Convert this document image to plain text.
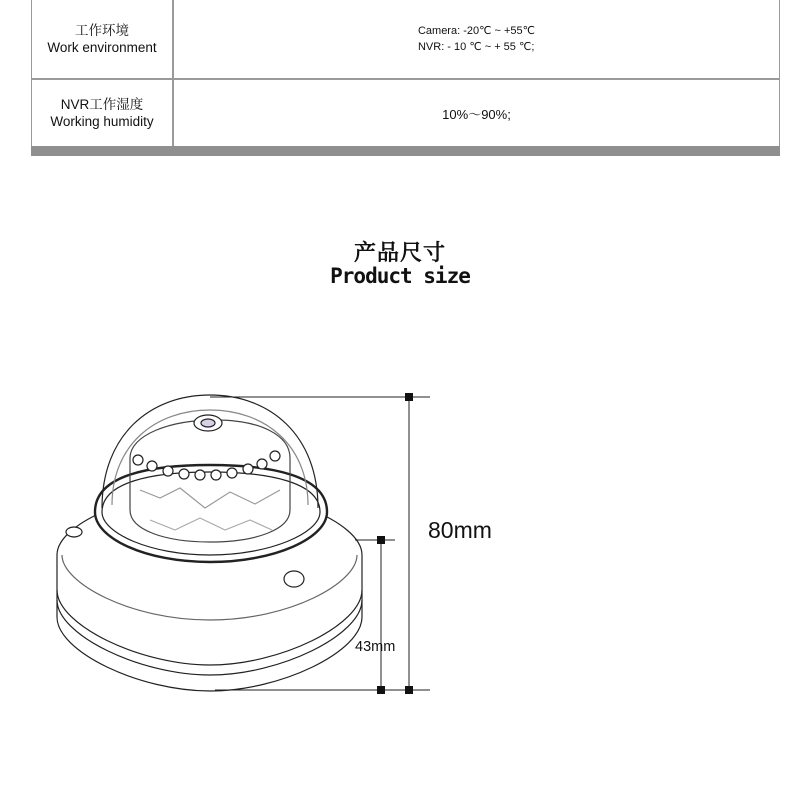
工作环境
Work environment
Camera: -20℃ ~ +55℃
NVR: - 10 ℃ ~ + 55 ℃;
NVR工作湿度
Working humidity	10%～90%;
产品尺寸
Product size
80mm
43mm
